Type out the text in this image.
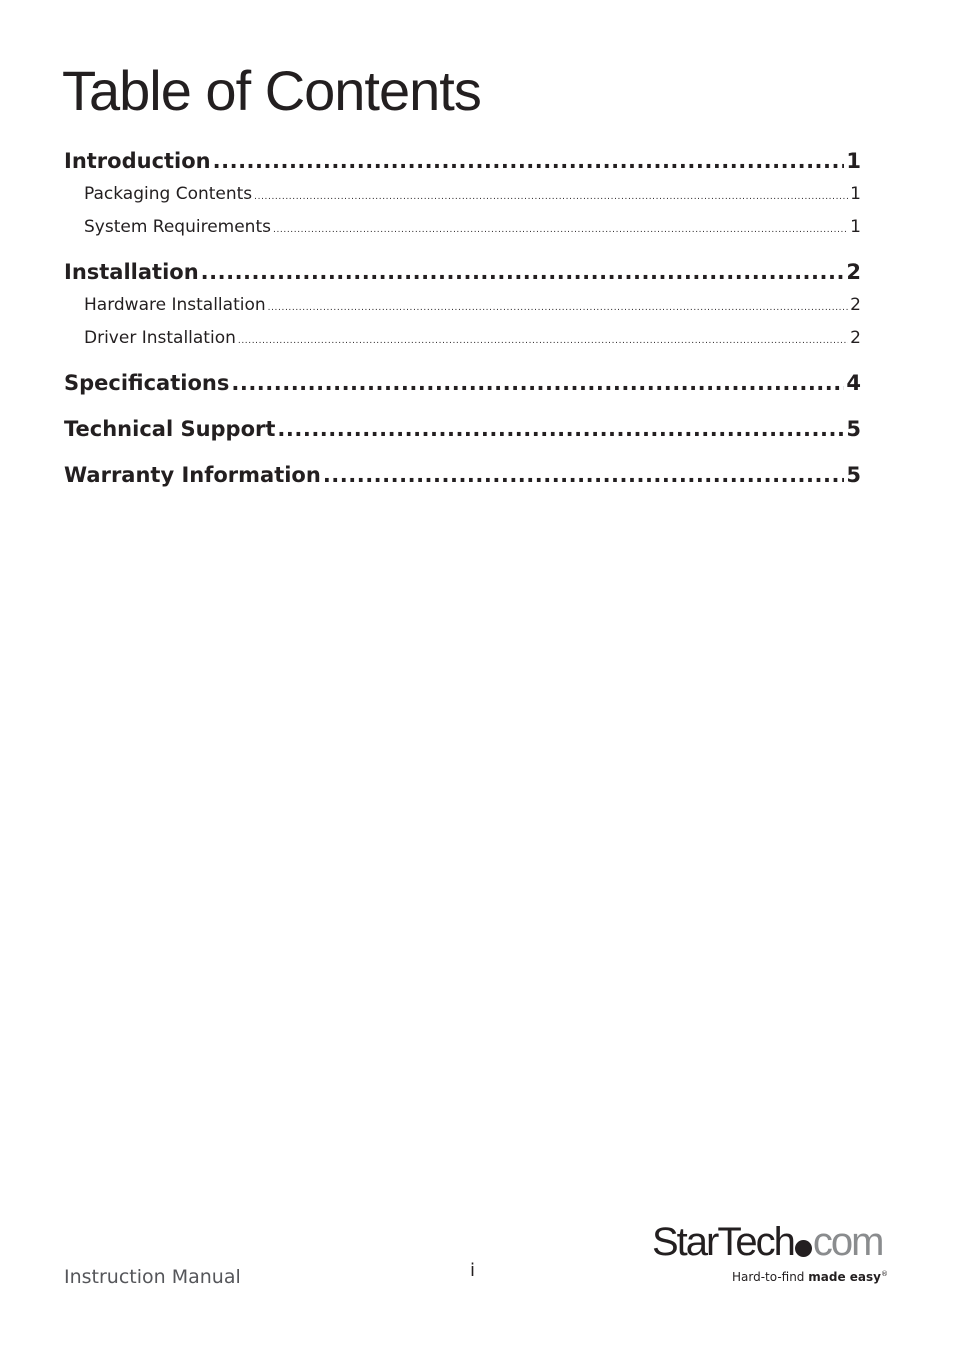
Table of Contents
Introduction .....	1
Packaging Contents .....	1
System Requirements .....	1
Installation .....	2
Hardware Installation .....	2
Driver Installation .....	2
Specifications .....	4
Technical Support .....	5
Warranty Information .....	5
Instruction Manual	i
StarTech com
Hard-to-find made easy®
